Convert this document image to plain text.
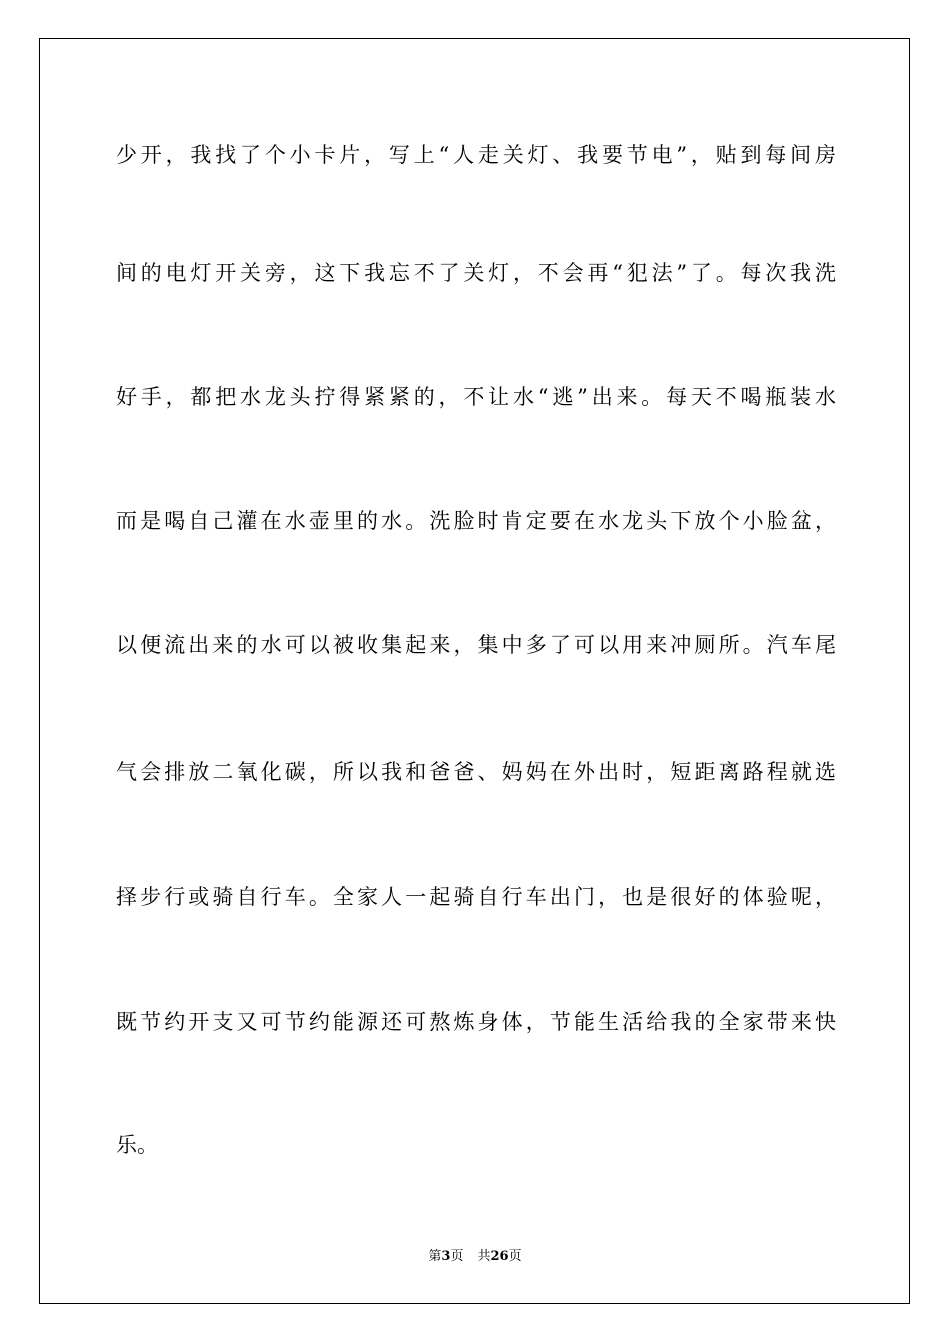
少开，我找了个小卡片，写上“人走关灯、我要节电”，贴到每间房
间的电灯开关旁，这下我忘不了关灯，不会再“犯法”了。每次我洗
好手，都把水龙头拧得紧紧的，不让水“逃”出来。每天不喝瓶装水
而是喝自己灌在水壶里的水。洗脸时肯定要在水龙头下放个小脸盆，
以便流出来的水可以被收集起来，集中多了可以用来冲厕所。汽车尾
气会排放二氧化碳，所以我和爸爸、妈妈在外出时，短距离路程就选
择步行或骑自行车。全家人一起骑自行车出门，也是很好的体验呢，
既节约开支又可节约能源还可熬炼身体，节能生活给我的全家带来快
乐。
第3页 共26页
